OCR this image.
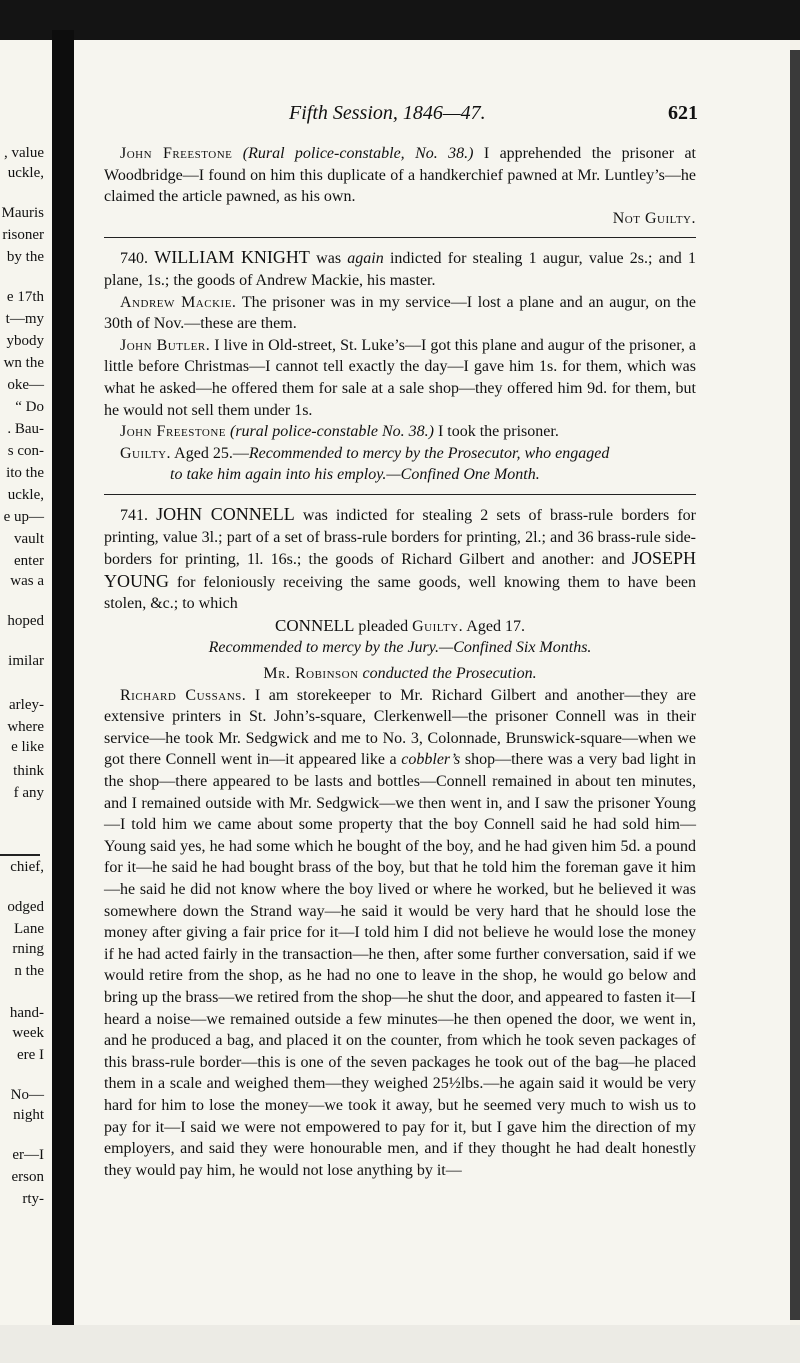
, value
uckle,
Mauris
risoner
by the
e 17th
t—my
ybody
wn the
oke—
“ Do
. Bau-
s con-
ito the
uckle,
e up—
vault
enter
was a
hoped
imilar
arley-
where
e like
think
f any
chief,
odged
Lane
rning
n the
hand-
week
ere I
No—
night
er—I
erson
rty-
Fifth Session, 1846—47.	621

John Freestone (Rural police-constable, No. 38.) I apprehended the prisoner at Woodbridge—I found on him this duplicate of a handkerchief pawned at Mr. Luntley’s—he claimed the article pawned, as his own.

Not Guilty.

740. WILLIAM KNIGHT was again indicted for stealing 1 augur, value 2s.; and 1 plane, 1s.; the goods of Andrew Mackie, his master.

Andrew Mackie. The prisoner was in my service—I lost a plane and an augur, on the 30th of Nov.—these are them.

John Butler. I live in Old-street, St. Luke’s—I got this plane and augur of the prisoner, a little before Christmas—I cannot tell exactly the day—I gave him 1s. for them, which was what he asked—he offered them for sale at a sale shop—they offered him 9d. for them, but he would not sell them under 1s.

John Freestone (rural police-constable No. 38.) I took the prisoner.

Guilty. Aged 25.—Recommended to mercy by the Prosecutor, who engaged

to take him again into his employ.—Confined One Month.

741. JOHN CONNELL was indicted for stealing 2 sets of brass-rule borders for printing, value 3l.; part of a set of brass-rule borders for printing, 2l.; and 36 brass-rule side-borders for printing, 1l. 16s.; the goods of Richard Gilbert and another: and JOSEPH YOUNG for feloniously receiving the same goods, well knowing them to have been stolen, &c.; to which

CONNELL pleaded Guilty. Aged 17.

Recommended to mercy by the Jury.—Confined Six Months.

Mr. Robinson conducted the Prosecution.

Richard Cussans. I am storekeeper to Mr. Richard Gilbert and another—they are extensive printers in St. John’s-square, Clerkenwell—the prisoner Connell was in their service—he took Mr. Sedgwick and me to No. 3, Colonnade, Brunswick-square—when we got there Connell went in—it appeared like a cobbler’s shop—there was a very bad light in the shop—there appeared to be lasts and bottles—Connell remained in about ten minutes, and I remained outside with Mr. Sedgwick—we then went in, and I saw the prisoner Young—I told him we came about some property that the boy Connell said he had sold him—Young said yes, he had some which he bought of the boy, and he had given him 5d. a pound for it—he said he had bought brass of the boy, but that he told him the foreman gave it him—he said he did not know where the boy lived or where he worked, but he believed it was somewhere down the Strand way—he said it would be very hard that he should lose the money after giving a fair price for it—I told him I did not believe he would lose the money if he had acted fairly in the transaction—he then, after some further conversation, said if we would retire from the shop, as he had no one to leave in the shop, he would go below and bring up the brass—we retired from the shop—he shut the door, and appeared to fasten it—I heard a noise—we remained outside a few minutes—he then opened the door, we went in, and he produced a bag, and placed it on the counter, from which he took seven packages of this brass-rule border—this is one of the seven packages he took out of the bag—he placed them in a scale and weighed them—they weighed 25½lbs.—he again said it would be very hard for him to lose the money—we took it away, but he seemed very much to wish us to pay for it—I said we were not empowered to pay for it, but I gave him the direction of my employers, and said they were honourable men, and if they thought he had dealt honestly they would pay him, he would not lose anything by it—
